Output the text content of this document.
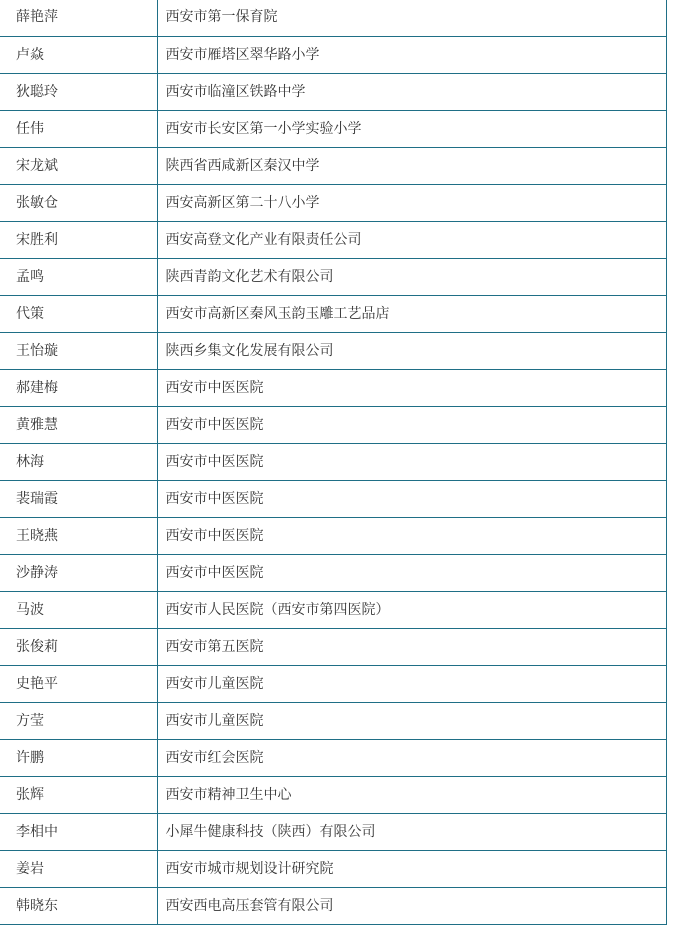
薛艳萍	西安市第一保育院
卢焱	西安市雁塔区翠华路小学
狄聪玲	西安市临潼区铁路中学
任伟	西安市长安区第一小学实验小学
宋龙斌	陕西省西咸新区秦汉中学
张敏仓	西安高新区第二十八小学
宋胜利	西安高登文化产业有限责任公司
孟鸣	陕西青韵文化艺术有限公司
代策	西安市高新区秦风玉韵玉雕工艺品店
王怡璇	陕西乡集文化发展有限公司
郝建梅	西安市中医医院
黄雅慧	西安市中医医院
林海	西安市中医医院
裴瑞霞	西安市中医医院
王晓燕	西安市中医医院
沙静涛	西安市中医医院
马波	西安市人民医院（西安市第四医院）
张俊莉	西安市第五医院
史艳平	西安市儿童医院
方莹	西安市儿童医院
许鹏	西安市红会医院
张辉	西安市精神卫生中心
李相中	小犀牛健康科技（陕西）有限公司
姜岩	西安市城市规划设计研究院
韩晓东	西安西电高压套管有限公司
